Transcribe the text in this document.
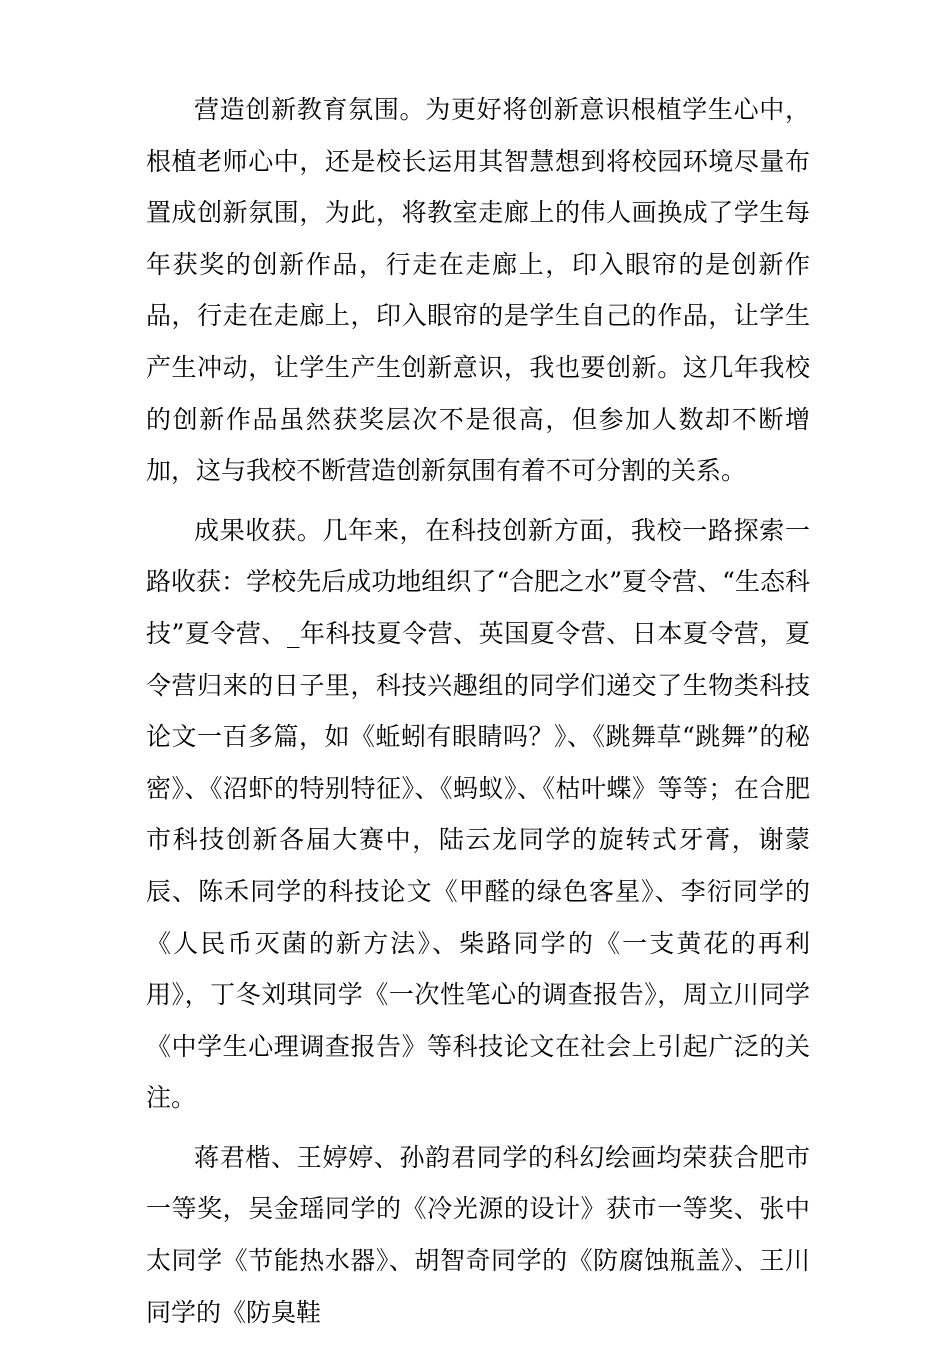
营造创新教育氛围。为更好将创新意识根植学生心中，根植老师心中，还是校长运用其智慧想到将校园环境尽量布置成创新氛围，为此，将教室走廊上的伟人画换成了学生每年获奖的创新作品，行走在走廊上，印入眼帘的是创新作品，行走在走廊上，印入眼帘的是学生自己的作品，让学生产生冲动，让学生产生创新意识，我也要创新。这几年我校的创新作品虽然获奖层次不是很高，但参加人数却不断增加，这与我校不断营造创新氛围有着不可分割的关系。

成果收获。几年来，在科技创新方面，我校一路探索一路收获：学校先后成功地组织了“合肥之水”夏令营、“生态科技”夏令营、_年科技夏令营、英国夏令营、日本夏令营，夏令营归来的日子里，科技兴趣组的同学们递交了生物类科技论文一百多篇，如《蚯蚓有眼睛吗？》、《跳舞草“跳舞”的秘密》、《沼虾的特别特征》、《蚂蚁》、《枯叶蝶》等等；在合肥市科技创新各届大赛中，陆云龙同学的旋转式牙膏，谢蒙辰、陈禾同学的科技论文《甲醛的绿色客星》、李衍同学的《人民币灭菌的新方法》、柴路同学的《一支黄花的再利用》，丁冬刘琪同学《一次性笔心的调查报告》，周立川同学《中学生心理调查报告》等科技论文在社会上引起广泛的关注。

蒋君楷、王婷婷、孙韵君同学的科幻绘画均荣获合肥市一等奖，吴金瑶同学的《冷光源的设计》获市一等奖、张中太同学《节能热水器》、胡智奇同学的《防腐蚀瓶盖》、王川同学的《防臭鞋
